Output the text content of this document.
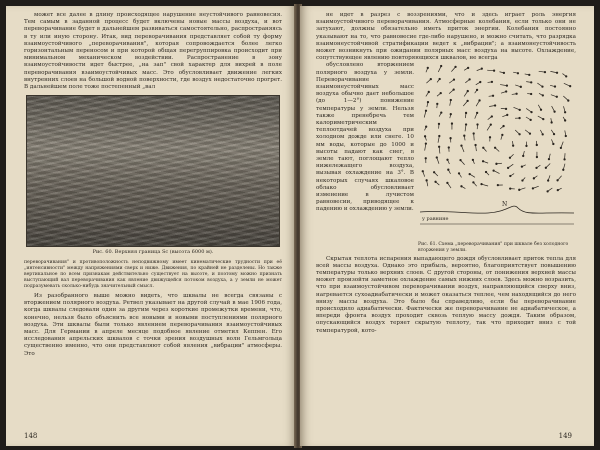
может все далее в длину происходящее нарушение неустойчивого равновесия. Тем самым в заданной процесс будет включены новые массы воздуха, и вот переворачивание будет в дальнейшем развиваться самостоятельно, распространяясь в ту или иную сторону. Итак, вид переворачивания представляет собой ту форму взаимоустойчивого „переворачивания", которая сопровождается более легко горизонтальным переносом и при которой общая перегруппировка происходит при минимальном механическом воздействии. Распространение в зону взаимоустойчивости идет быстрее, „на зап" свой характер для вихрей в поле переворачивания взаимоустойчивых масс. Это обусловливает движение легких внутренних слоев на большой водной поверхности, где воздух недостаточно прогрет. В дальнейшем поле тоже постепенный „вал

Рис. 60. Верхняя граница Sc (высота 6000 м).

переворачивания" и противоположность неподвижному имеет кинематические трудности при её „интенсивности" между напряжениями сверх и ниже. Движения, по крайней не разделены. Но также вертикальное по всем признакам действительно существует на высоте, и поэтому можно признать выступающий вал переворачивания как явление движущейся потоком воздуха, а у земли не может подразумевать сколько-нибудь значительный смысл.

Из разобранного выше можно видеть, что шквалы не всегда связаны с вторжением полярного воздуха. Ретвел указывает на другой случай в мае 1906 года, когда шквалы следовали один за другим через короткие промежутки времени, что, конечно, нельзя было объяснить все новыми и новыми поступлениями полярного воздуха. Эти шквалы были только явлением переворачивания взаимоустойчивых масс. Для Германии в апреле месяце подобное явление отметил Кеппен. Его исследования апрельских шквалов с точки зрения воздушных волн Гельмгольца существенно именно, что они представляют собой явления „вибрации" атмосферы. Это

148

не идет в разрез с воззрениями, что и здесь играет роль энергия взаимоустойчивого переворачивания. Атмосферные колебания, если только они не затухают, должны обязательно иметь приток энергии. Колебания постоянно указывают на то, что равновесие где-либо нарушено, и можно считать, что разрядка взаимонеустойчивой стратификации ведет к „вибрации"; а взаимонеустойчивость может возникнуть при ожидании полярных масс воздуха на высоте. Охлаждение, сопутствующее явлению повторяющихся шквалов, не всегда

обусловлено вторжением полярного воздуха у земли. Переворачивание взаимонеустойчивых масс воздуха обычно дает небольшое (до 1—2°) понижение температуры у земли. Нельзя также пренебречь тем калориметрическим теплоотдачей воздуха при холодном дожде или снеге. 10 мм воды, которые до 1000 и высоты падают как снег, в земле тают, поглощают тепло нижележащего воздуха, вызывая охлаждение на 3°. В некоторых случаях шкаловое облако обусловливает изменение в лучистом равновесии, приводящее к падению и охлаждению у земли.

N
у равнине
Рис. 61. Схема „переворачивания" при шквале без холодного вторжения у земли.

Скрытая теплота испарения выпадающего дождя обусловливает приток тепла для всей массы воздуха. Однако это прибыль, вероятно, благоприятствует повышению температуры только верхних слоев. С другой стороны, от понижения верхней массы может произойти заметное охлаждение самых нижних слоев. Здесь можно возразить, что при взаимоустойчивом переворачивании воздух, направляющийся сверху вниз, нагревается сухоадиабатически и может оказаться теплее, чем находящийся до него внизу массы воздуха. Это было бы справедливо, если бы переворачивание происходило адиабатически. Фактически же переворачивание не адиабатическое, а впереди фронта воздух проходит сквозь теплую массу дождя. Таким образом, опускающийся воздух теряет скрытую теплоту, так что приходит вниз с той температурой, кото-

149
